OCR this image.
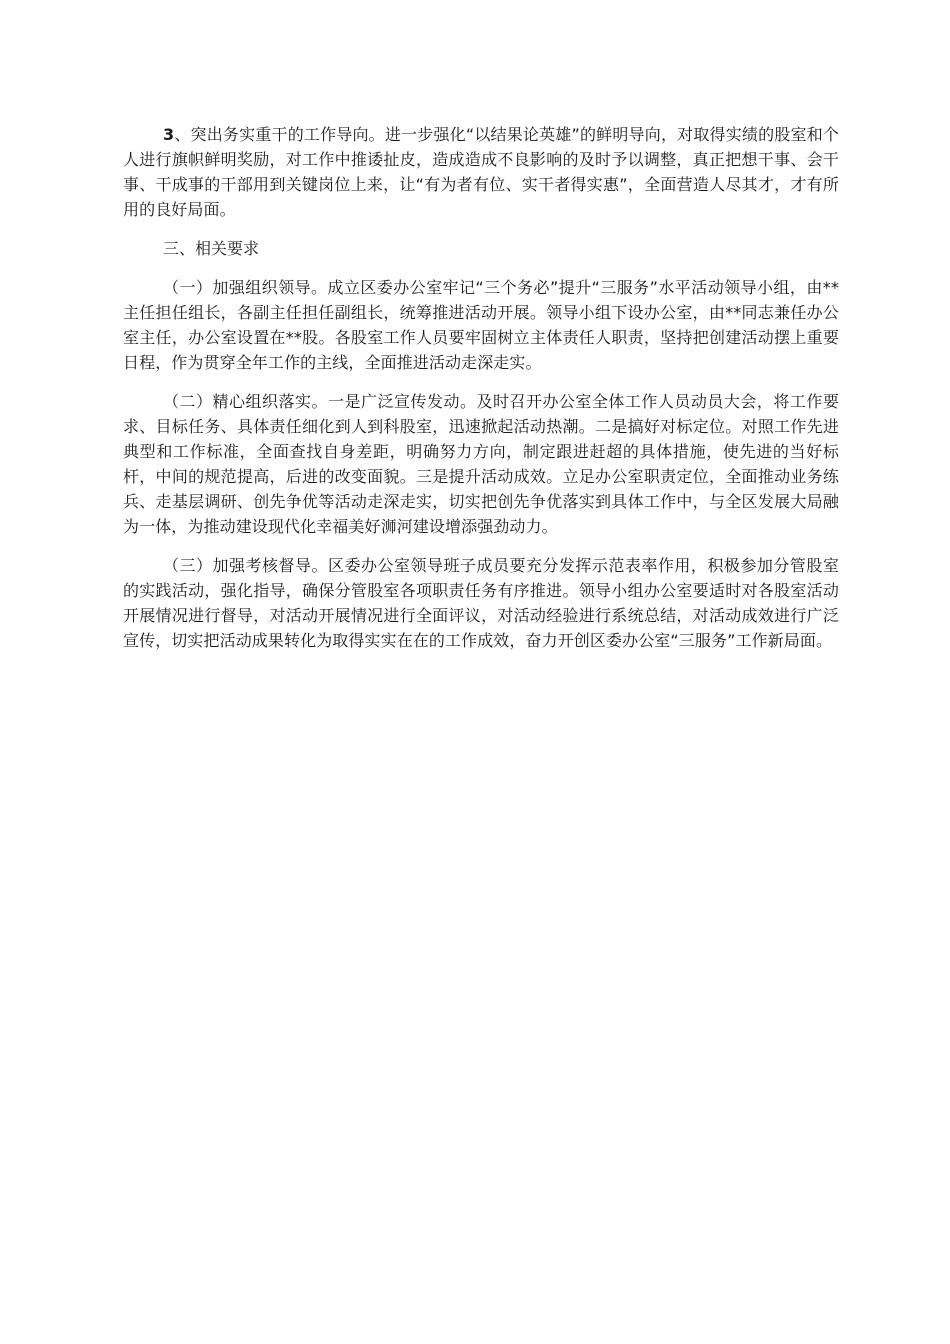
3、突出务实重干的工作导向。进一步强化“以结果论英雄”的鲜明导向，对取得实绩的股室和个人进行旗帜鲜明奖励，对工作中推诿扯皮，造成造成不良影响的及时予以调整，真正把想干事、会干事、干成事的干部用到关键岗位上来，让“有为者有位、实干者得实惠”，全面营造人尽其才，才有所用的良好局面。

三、相关要求

（一）加强组织领导。成立区委办公室牢记“三个务必”提升“三服务”水平活动领导小组，由**主任担任组长，各副主任担任副组长，统筹推进活动开展。领导小组下设办公室，由**同志兼任办公室主任，办公室设置在**股。各股室工作人员要牢固树立主体责任人职责，坚持把创建活动摆上重要日程，作为贯穿全年工作的主线，全面推进活动走深走实。

（二）精心组织落实。一是广泛宣传发动。及时召开办公室全体工作人员动员大会，将工作要求、目标任务、具体责任细化到人到科股室，迅速掀起活动热潮。二是搞好对标定位。对照工作先进典型和工作标准，全面查找自身差距，明确努力方向，制定跟进赶超的具体措施，使先进的当好标杆，中间的规范提高，后进的改变面貌。三是提升活动成效。立足办公室职责定位，全面推动业务练兵、走基层调研、创先争优等活动走深走实，切实把创先争优落实到具体工作中，与全区发展大局融为一体，为推动建设现代化幸福美好浉河建设增添强劲动力。

（三）加强考核督导。区委办公室领导班子成员要充分发挥示范表率作用，积极参加分管股室的实践活动，强化指导，确保分管股室各项职责任务有序推进。领导小组办公室要适时对各股室活动开展情况进行督导，对活动开展情况进行全面评议，对活动经验进行系统总结，对活动成效进行广泛宣传，切实把活动成果转化为取得实实在在的工作成效，奋力开创区委办公室“三服务”工作新局面。
